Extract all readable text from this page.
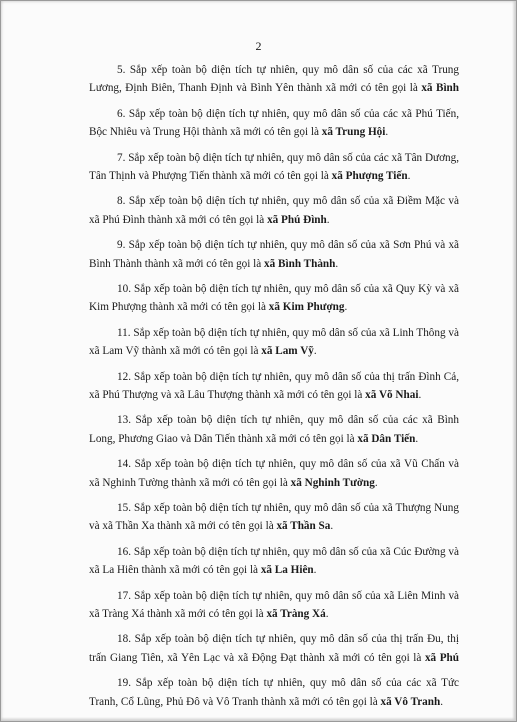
2

5. Sắp xếp toàn bộ diện tích tự nhiên, quy mô dân số của các xã Trung Lương, Định Biên, Thanh Định và Bình Yên thành xã mới có tên gọi là xã Bình

6. Sắp xếp toàn bộ diện tích tự nhiên, quy mô dân số của các xã Phú Tiến, Bộc Nhiêu và Trung Hội thành xã mới có tên gọi là xã Trung Hội.

7. Sắp xếp toàn bộ diện tích tự nhiên, quy mô dân số của các xã Tân Dương, Tân Thịnh và Phượng Tiến thành xã mới có tên gọi là xã Phượng Tiến.

8. Sắp xếp toàn bộ diện tích tự nhiên, quy mô dân số của xã Điềm Mặc và xã Phú Đình thành xã mới có tên gọi là xã Phú Đình.

9. Sắp xếp toàn bộ diện tích tự nhiên, quy mô dân số của xã Sơn Phú và xã Bình Thành thành xã mới có tên gọi là xã Bình Thành.

10. Sắp xếp toàn bộ diện tích tự nhiên, quy mô dân số của xã Quy Kỳ và xã Kim Phượng thành xã mới có tên gọi là xã Kim Phượng.

11. Sắp xếp toàn bộ diện tích tự nhiên, quy mô dân số của xã Linh Thông và xã Lam Vỹ thành xã mới có tên gọi là xã Lam Vỹ.

12. Sắp xếp toàn bộ diện tích tự nhiên, quy mô dân số của thị trấn Đình Cả, xã Phú Thượng và xã Lâu Thượng thành xã mới có tên gọi là xã Võ Nhai.

13. Sắp xếp toàn bộ diện tích tự nhiên, quy mô dân số của các xã Bình Long, Phương Giao và Dân Tiến thành xã mới có tên gọi là xã Dân Tiến.

14. Sắp xếp toàn bộ diện tích tự nhiên, quy mô dân số của xã Vũ Chấn và xã Nghinh Tường thành xã mới có tên gọi là xã Nghinh Tường.

15. Sắp xếp toàn bộ diện tích tự nhiên, quy mô dân số của xã Thượng Nung và xã Thần Xa thành xã mới có tên gọi là xã Thần Sa.

16. Sắp xếp toàn bộ diện tích tự nhiên, quy mô dân số của xã Cúc Đường và xã La Hiên thành xã mới có tên gọi là xã La Hiên.

17. Sắp xếp toàn bộ diện tích tự nhiên, quy mô dân số của xã Liên Minh và xã Tràng Xá thành xã mới có tên gọi là xã Tràng Xá.

18. Sắp xếp toàn bộ diện tích tự nhiên, quy mô dân số của thị trấn Đu, thị trấn Giang Tiên, xã Yên Lạc và xã Động Đạt thành xã mới có tên gọi là xã Phú

19. Sắp xếp toàn bộ diện tích tự nhiên, quy mô dân số của các xã Tức Tranh, Cổ Lũng, Phủ Đô và Vô Tranh thành xã mới có tên gọi là xã Vô Tranh.
